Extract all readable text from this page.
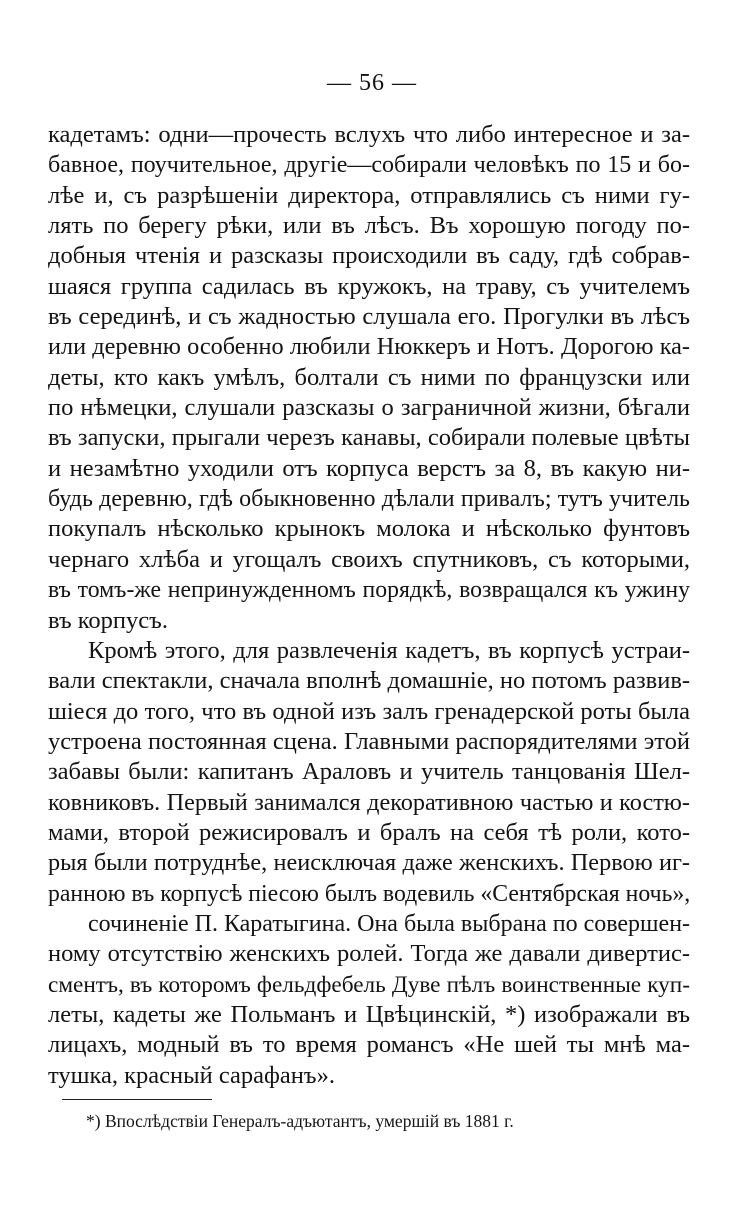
— 56 —
кадетамъ: одни—прочесть вслухъ что либо интересное и за-
бавное, поучительное, другіе—собирали человѣкъ по 15 и бо-
лѣе и, съ разрѣшеніи директора, отправлялись съ ними гу-
лять по берегу рѣки, или въ лѣсъ. Въ хорошую погоду по-
добныя чтенія и разсказы происходили въ саду, гдѣ собрав-
шаяся группа садилась въ кружокъ, на траву, съ учителемъ
въ серединѣ, и съ жадностью слушала его. Прогулки въ лѣсъ
или деревню особенно любили Нюккеръ и Нотъ. Дорогою ка-
деты, кто какъ умѣлъ, болтали съ ними по французски или
по нѣмецки, слушали разсказы о заграничной жизни, бѣгали
въ запуски, прыгали черезъ канавы, собирали полевые цвѣты
и незамѣтно уходили отъ корпуса верстъ за 8, въ какую ни-
будь деревню, гдѣ обыкновенно дѣлали привалъ; тутъ учитель
покупалъ нѣсколько крынокъ молока и нѣсколько фунтовъ
чернаго хлѣба и угощалъ своихъ спутниковъ, съ которыми,
въ томъ-же непринужденномъ порядкѣ, возвращался къ ужину
въ корпусъ.
Кромѣ этого, для развлеченія кадетъ, въ корпусѣ устраи-
вали спектакли, сначала вполнѣ домашніе, но потомъ развив-
шіеся до того, что въ одной изъ залъ гренадерской роты была
устроена постоянная сцена. Главными распорядителями этой
забавы были: капитанъ Араловъ и учитель танцованія Шел-
ковниковъ. Первый занимался декоративною частью и костю-
мами, второй режисировалъ и бралъ на себя тѣ роли, кото-
рыя были потруднѣе, неисключая даже женскихъ. Первою иг-
ранною въ корпусѣ піесою былъ водевиль «Сентябрская ночь»,
сочиненіе П. Каратыгина. Она была выбрана по совершен-
ному отсутствію женскихъ ролей. Тогда же давали дивертис-
сментъ, въ которомъ фельдфебель Дуве пѣлъ воинственные куп-
леты, кадеты же Польманъ и Цвѣцинскій, *) изображали въ
лицахъ, модный въ то время романсъ «Не шей ты мнѣ ма-
тушка, красный сарафанъ».
*) Впослѣдствіи Генералъ-адъютантъ, умершій въ 1881 г.
